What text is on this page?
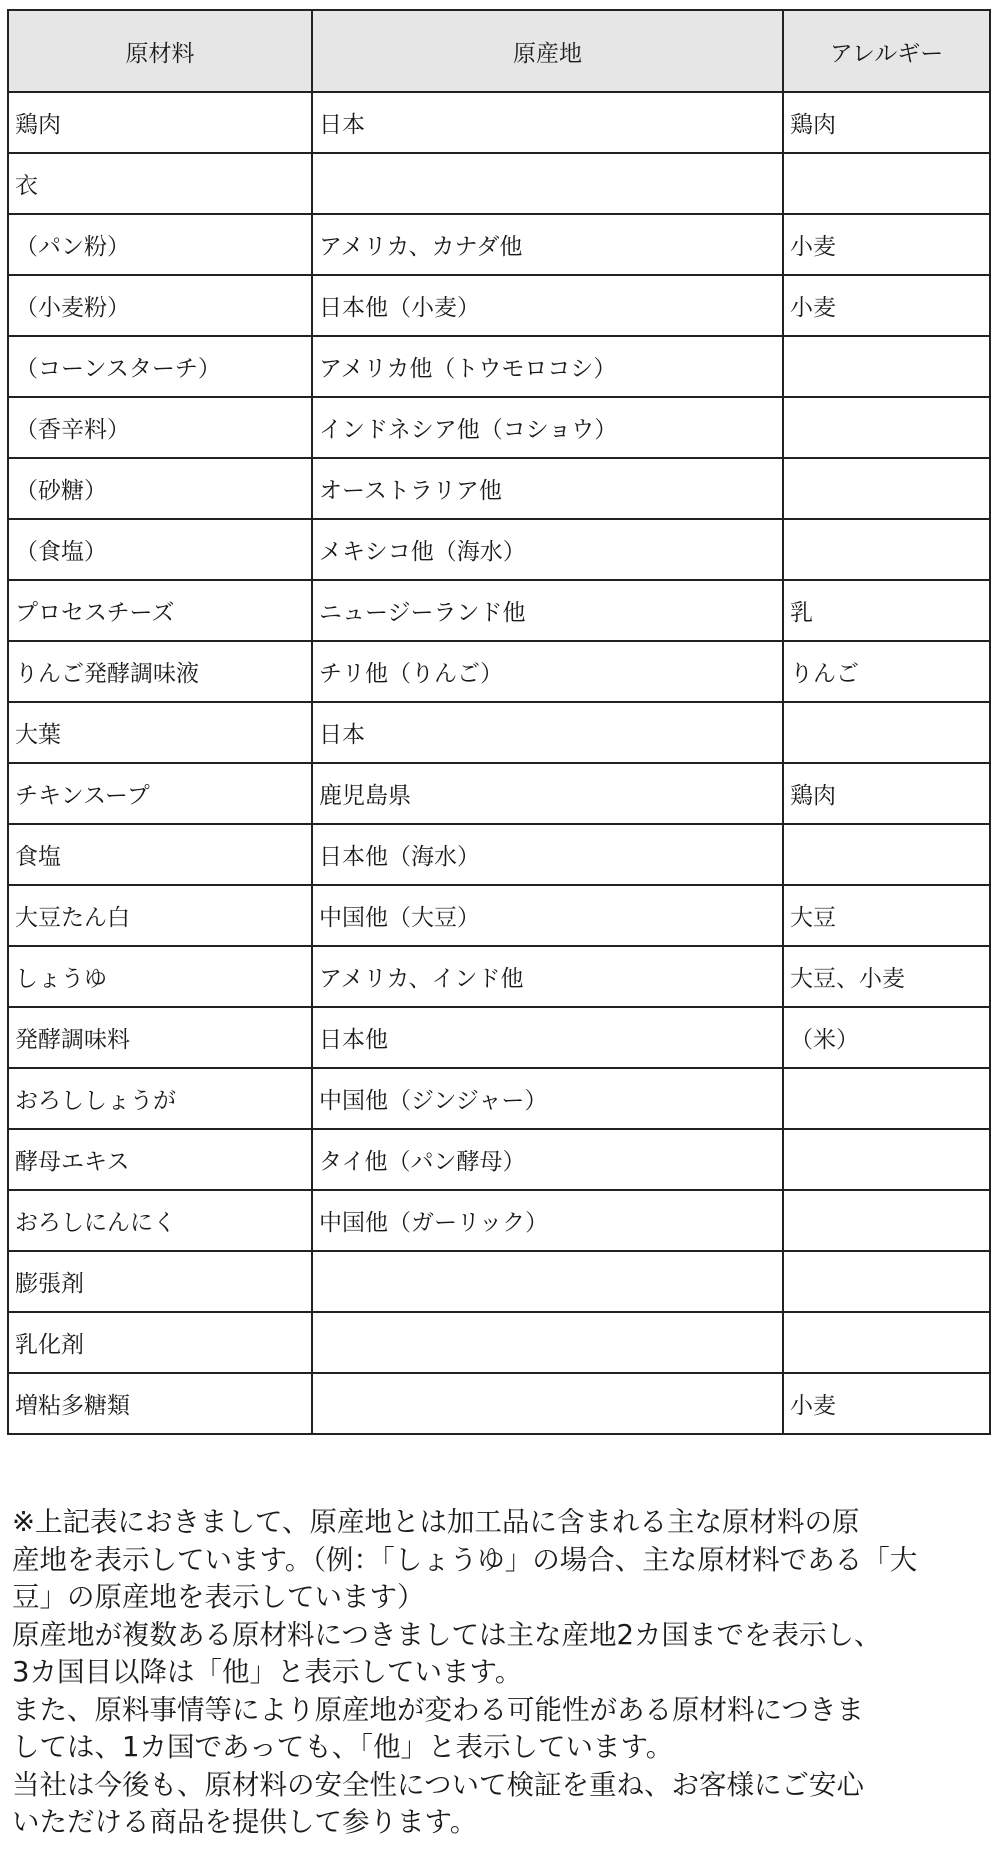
原材料	原産地	アレルギー
鶏肉	日本	鶏肉
衣		
（パン粉）	アメリカ、カナダ他	小麦
（小麦粉）	日本他（小麦）	小麦
（コーンスターチ）	アメリカ他（トウモロコシ）	
（香辛料）	インドネシア他（コショウ）	
（砂糖）	オーストラリア他	
（食塩）	メキシコ他（海水）	
プロセスチーズ	ニュージーランド他	乳
りんご発酵調味液	チリ他（りんご）	りんご
大葉	日本	
チキンスープ	鹿児島県	鶏肉
食塩	日本他（海水）	
大豆たん白	中国他（大豆）	大豆
しょうゆ	アメリカ、インド他	大豆、小麦
発酵調味料	日本他	（米）
おろししょうが	中国他（ジンジャー）	
酵母エキス	タイ他（パン酵母）	
おろしにんにく	中国他（ガーリック）	
膨張剤		
乳化剤		
増粘多糖類		小麦

※上記表におきまして、原産地とは加工品に含まれる主な原材料の原

産地を表示しています。（例：「しょうゆ」の場合、主な原材料である「大

豆」の原産地を表示しています）

原産地が複数ある原材料につきましては主な産地2カ国までを表示し、

3カ国目以降は「他」と表示しています。

また、原料事情等により原産地が変わる可能性がある原材料につきま

しては、1カ国であっても、「他」と表示しています。

当社は今後も、原材料の安全性について検証を重ね、お客様にご安心

いただける商品を提供して参ります。
